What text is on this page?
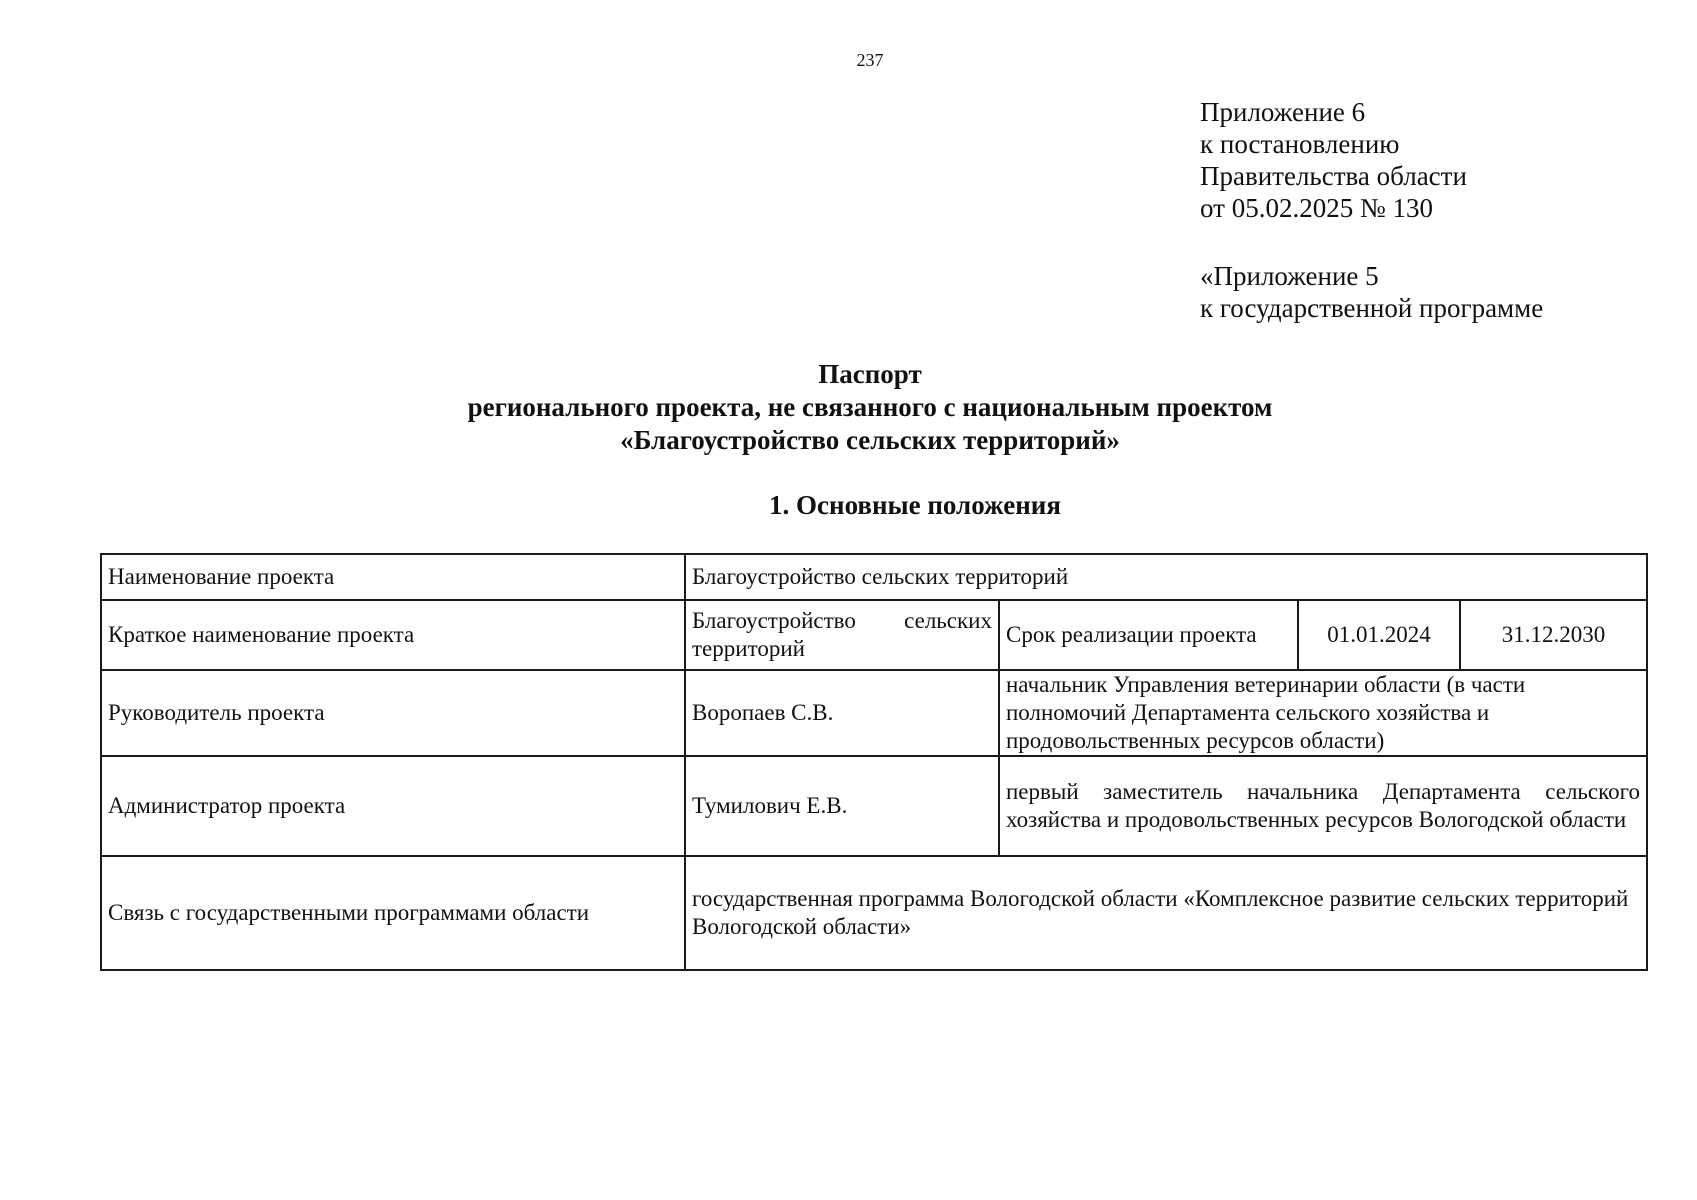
237
Приложение 6
к постановлению
Правительства области
от 05.02.2025 № 130
«Приложение 5
к государственной программе
Паспорт
регионального проекта, не связанного с национальным проектом
«Благоустройство сельских территорий»
1. Основные положения
Наименование проекта	Благоустройство сельских территорий			
Краткое наименование проекта	Благоустройство сельских территорий	Срок реализации проекта	01.01.2024	31.12.2030
Руководитель проекта	Воропаев С.В.	начальник Управления ветеринарии области (в части полномочий Департамента сельского хозяйства и продовольственных ресурсов области)		
Администратор проекта	Тумилович Е.В.	первый заместитель начальника Департамента сельского хозяйства и продовольственных ресурсов Вологодской области		
Связь с государственными программами области	государственная программа Вологодской области «Комплексное развитие сельских территорий Вологодской области»			
